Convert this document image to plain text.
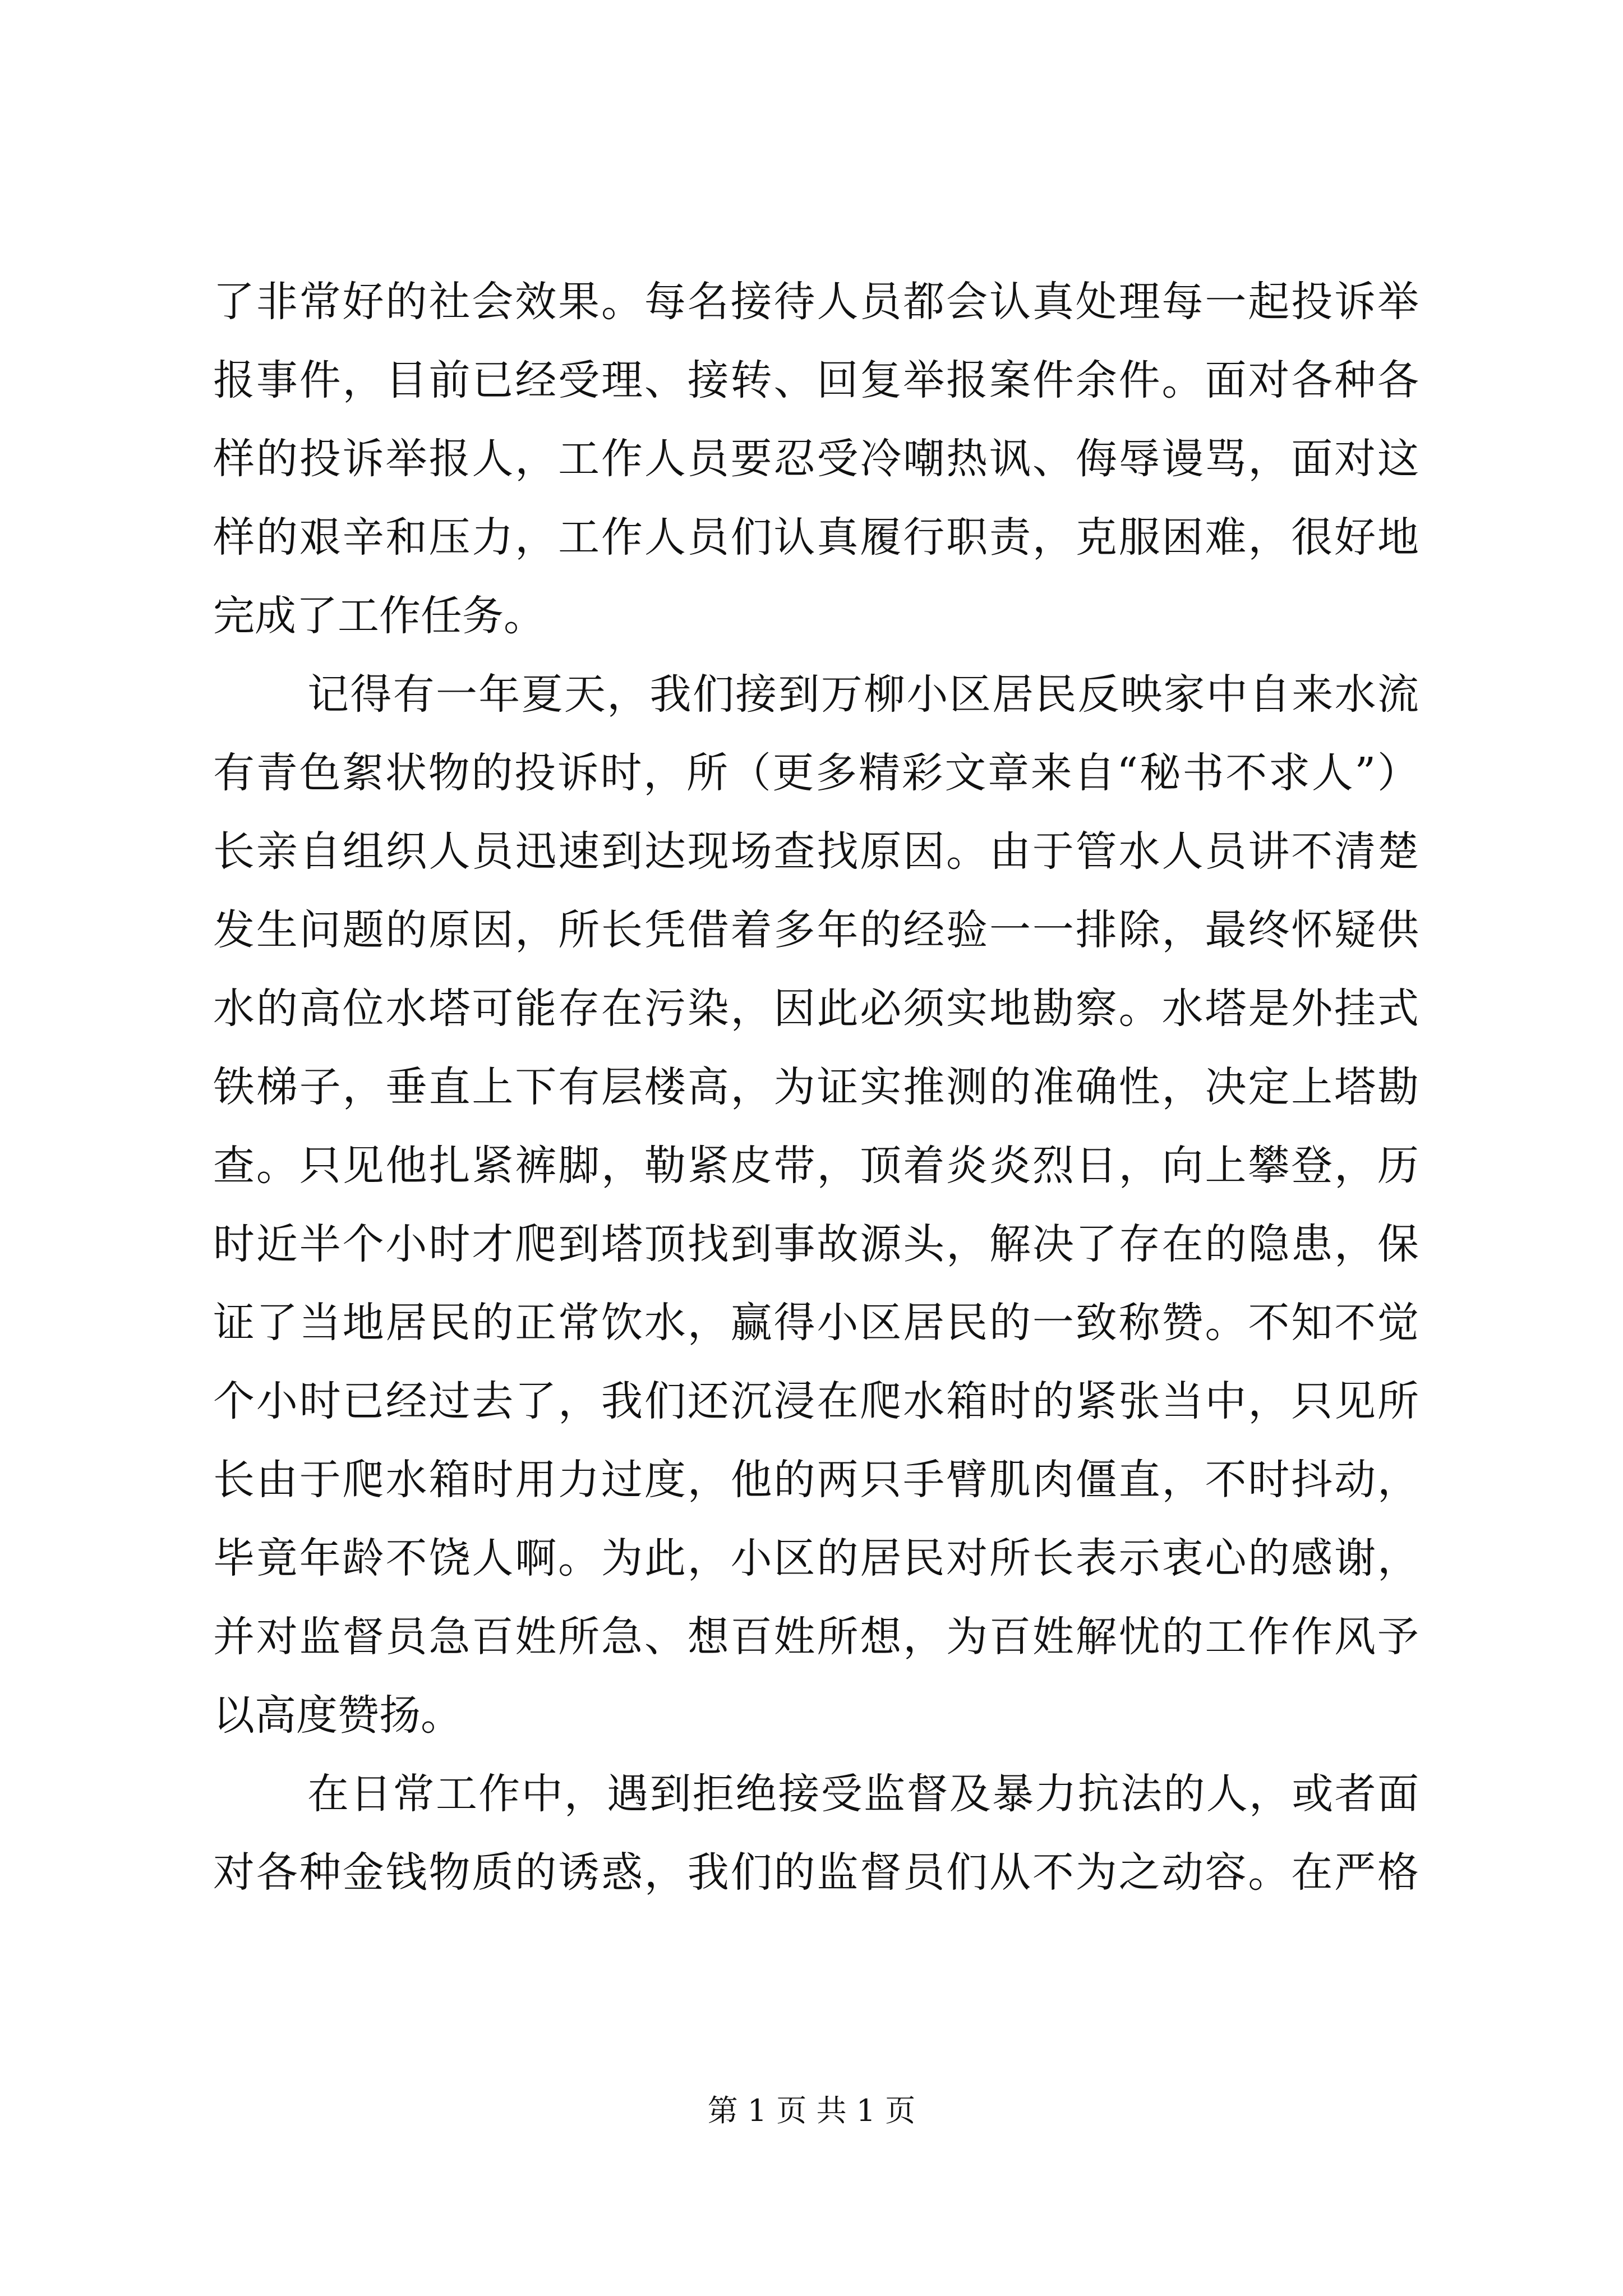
了非常好的社会效果。每名接待人员都会认真处理每一起投诉举
报事件，目前已经受理、接转、回复举报案件余件。面对各种各
样的投诉举报人，工作人员要忍受冷嘲热讽、侮辱谩骂，面对这
样的艰辛和压力，工作人员们认真履行职责，克服困难，很好地
完成了工作任务。
记得有一年夏天，我们接到万柳小区居民反映家中自来水流
有青色絮状物的投诉时，所（更多精彩文章来自“秘书不求人”）
长亲自组织人员迅速到达现场查找原因。由于管水人员讲不清楚
发生问题的原因，所长凭借着多年的经验一一排除，最终怀疑供
水的高位水塔可能存在污染，因此必须实地勘察。水塔是外挂式
铁梯子，垂直上下有层楼高，为证实推测的准确性，决定上塔勘
查。只见他扎紧裤脚，勒紧皮带，顶着炎炎烈日，向上攀登，历
时近半个小时才爬到塔顶找到事故源头，解决了存在的隐患，保
证了当地居民的正常饮水，赢得小区居民的一致称赞。不知不觉
个小时已经过去了，我们还沉浸在爬水箱时的紧张当中，只见所
长由于爬水箱时用力过度，他的两只手臂肌肉僵直，不时抖动，
毕竟年龄不饶人啊。为此，小区的居民对所长表示衷心的感谢，
并对监督员急百姓所急、想百姓所想，为百姓解忧的工作作风予
以高度赞扬。
在日常工作中，遇到拒绝接受监督及暴力抗法的人，或者面
对各种金钱物质的诱惑，我们的监督员们从不为之动容。在严格
第 1 页 共 1 页
